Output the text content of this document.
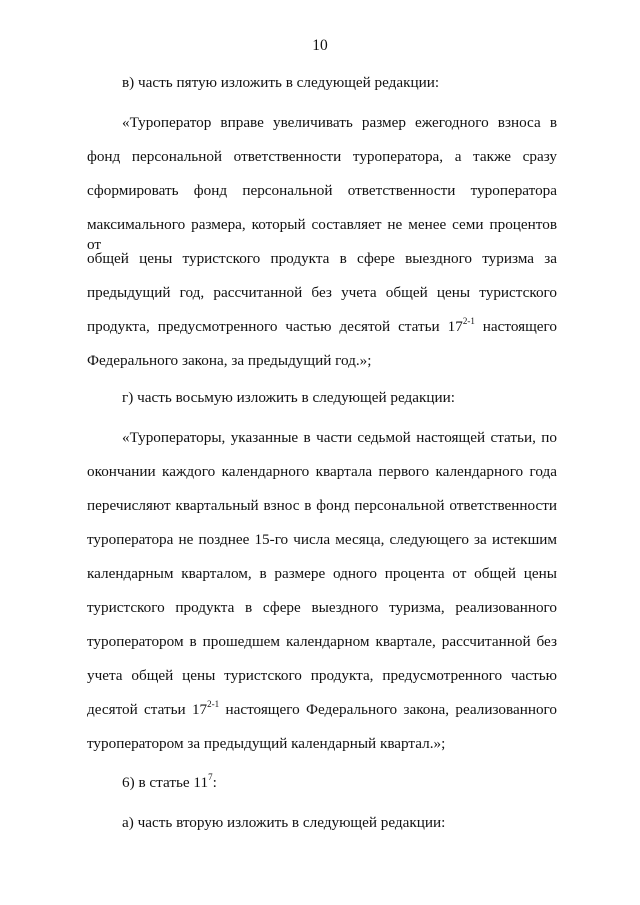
10
в) часть пятую изложить в следующей редакции:
«Туроператор вправе увеличивать размер ежегодного взноса в
фонд персональной ответственности туроператора, а также сразу
сформировать фонд персональной ответственности туроператора
максимального размера, который составляет не менее семи процентов от
общей цены туристского продукта в сфере выездного туризма за
предыдущий год, рассчитанной без учета общей цены туристского
продукта, предусмотренного частью десятой статьи 17$^{2-1}$ настоящего
Федерального закона, за предыдущий год.»;
г) часть восьмую изложить в следующей редакции:
«Туроператоры, указанные в части седьмой настоящей статьи, по
окончании каждого календарного квартала первого календарного года
перечисляют квартальный взнос в фонд персональной ответственности
туроператора не позднее 15-го числа месяца, следующего за истекшим
календарным кварталом, в размере одного процента от общей цены
туристского продукта в сфере выездного туризма, реализованного
туроператором в прошедшем календарном квартале, рассчитанной без
учета общей цены туристского продукта, предусмотренного частью
десятой статьи 17$^{2-1}$ настоящего Федерального закона, реализованного
туроператором за предыдущий календарный квартал.»;
6) в статье $11^7$:
а) часть вторую изложить в следующей редакции:
